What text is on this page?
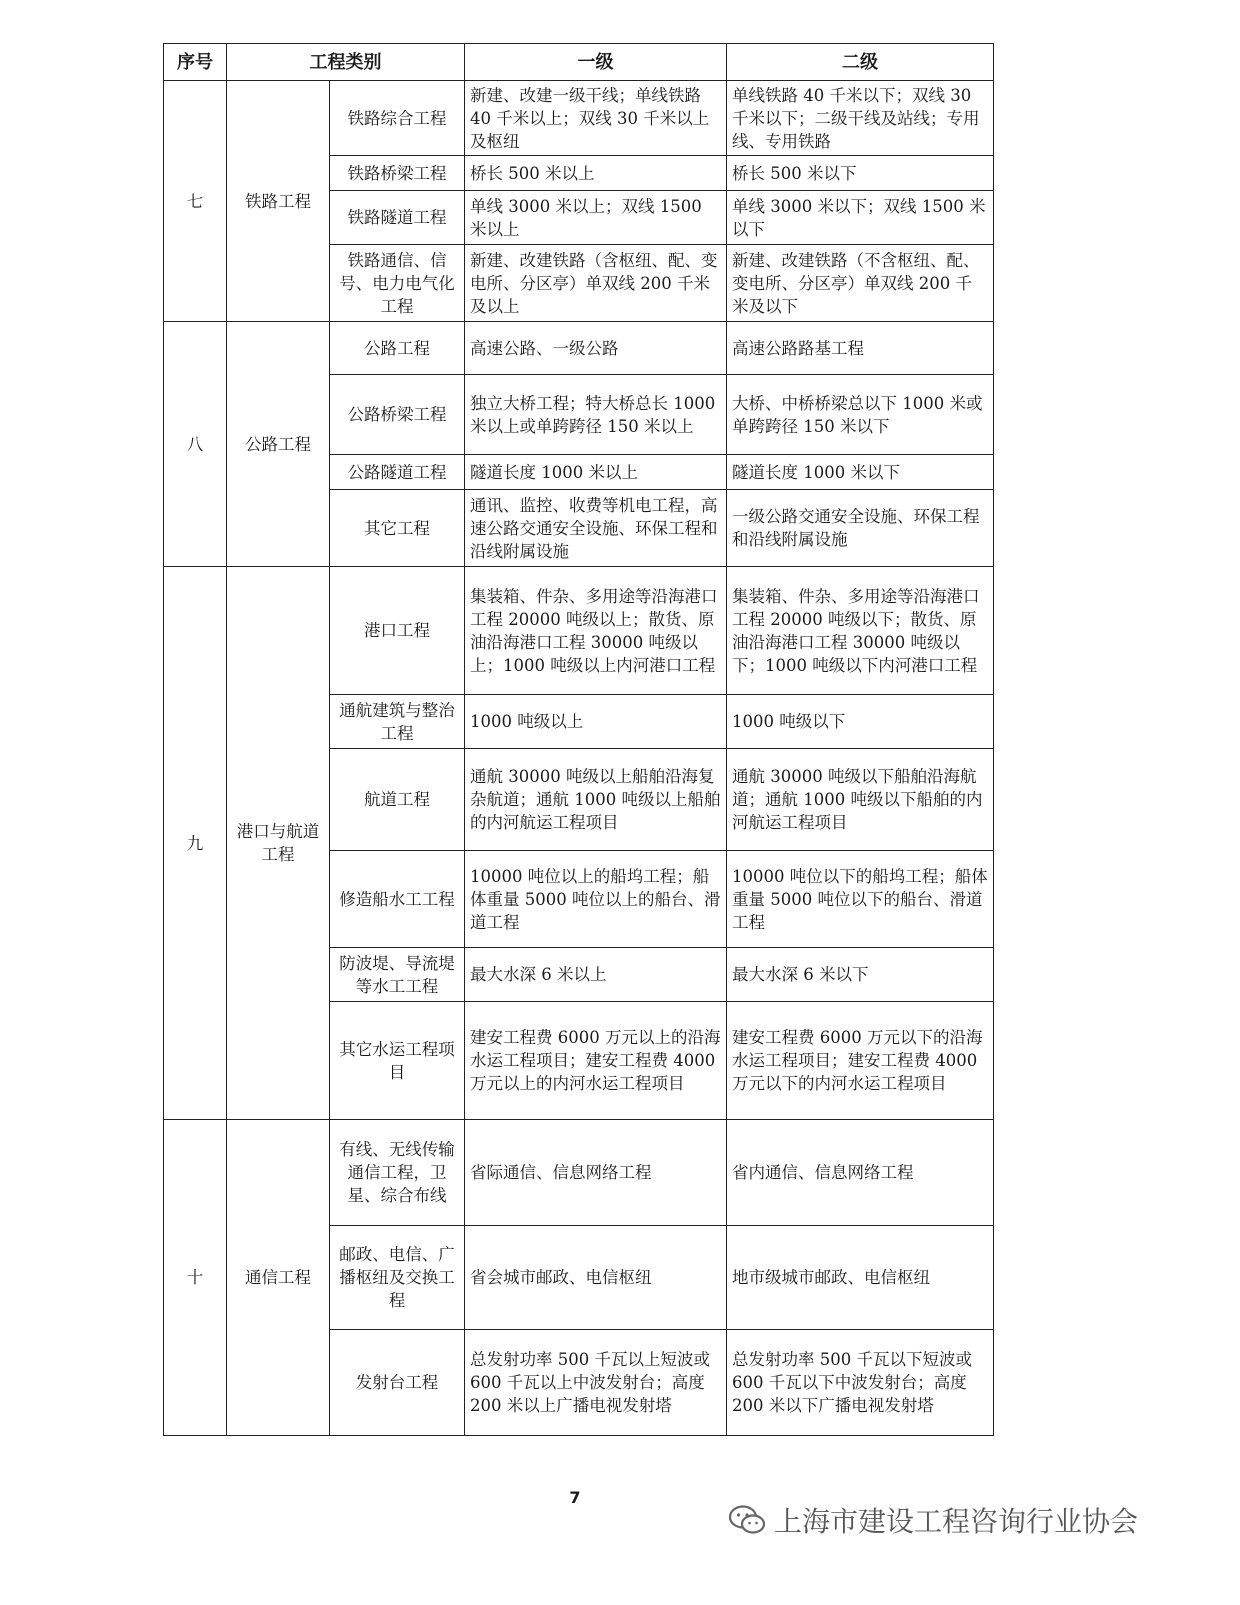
序号	工程类别		一级	二级
七	铁路工程	铁路综合工程	新建、改建一级干线；单线铁路 40 千米以上；双线 30 千米以上及枢纽	单线铁路 40 千米以下；双线 30 千米以下；二级干线及站线；专用线、专用铁路
		铁路桥梁工程	桥长 500 米以上	桥长 500 米以下
		铁路隧道工程	单线 3000 米以上；双线 1500 米以上	单线 3000 米以下；双线 1500 米以下
		铁路通信、信号、电力电气化工程	新建、改建铁路（含枢纽、配、变电所、分区亭）单双线 200 千米及以上	新建、改建铁路（不含枢纽、配、变电所、分区亭）单双线 200 千米及以下
八	公路工程	公路工程	高速公路、一级公路	高速公路路基工程
		公路桥梁工程	独立大桥工程；特大桥总长 1000 米以上或单跨跨径 150 米以上	大桥、中桥桥梁总以下 1000 米或单跨跨径 150 米以下
		公路隧道工程	隧道长度 1000 米以上	隧道长度 1000 米以下
		其它工程	通讯、监控、收费等机电工程，高速公路交通安全设施、环保工程和沿线附属设施	一级公路交通安全设施、环保工程和沿线附属设施
九	港口与航道工程	港口工程	集装箱、件杂、多用途等沿海港口工程 20000 吨级以上；散货、原油沿海港口工程 30000 吨级以上；1000 吨级以上内河港口工程	集装箱、件杂、多用途等沿海港口工程 20000 吨级以下；散货、原油沿海港口工程 30000 吨级以下；1000 吨级以下内河港口工程
		通航建筑与整治工程	1000 吨级以上	1000 吨级以下
		航道工程	通航 30000 吨级以上船舶沿海复杂航道；通航 1000 吨级以上船舶的内河航运工程项目	通航 30000 吨级以下船舶沿海航道；通航 1000 吨级以下船舶的内河航运工程项目
		修造船水工工程	10000 吨位以上的船坞工程；船体重量 5000 吨位以上的船台、滑道工程	10000 吨位以下的船坞工程；船体重量 5000 吨位以下的船台、滑道工程
		防波堤、导流堤等水工工程	最大水深 6 米以上	最大水深 6 米以下
		其它水运工程项目	建安工程费 6000 万元以上的沿海水运工程项目；建安工程费 4000 万元以上的内河水运工程项目	建安工程费 6000 万元以下的沿海水运工程项目；建安工程费 4000 万元以下的内河水运工程项目
十	通信工程	有线、无线传输通信工程，卫星、综合布线	省际通信、信息网络工程	省内通信、信息网络工程
		邮政、电信、广播枢纽及交换工程	省会城市邮政、电信枢纽	地市级城市邮政、电信枢纽
		发射台工程	总发射功率 500 千瓦以上短波或 600 千瓦以上中波发射台；高度 200 米以上广播电视发射塔	总发射功率 500 千瓦以下短波或 600 千瓦以下中波发射台；高度 200 米以下广播电视发射塔
7
上海市建设工程咨询行业协会
